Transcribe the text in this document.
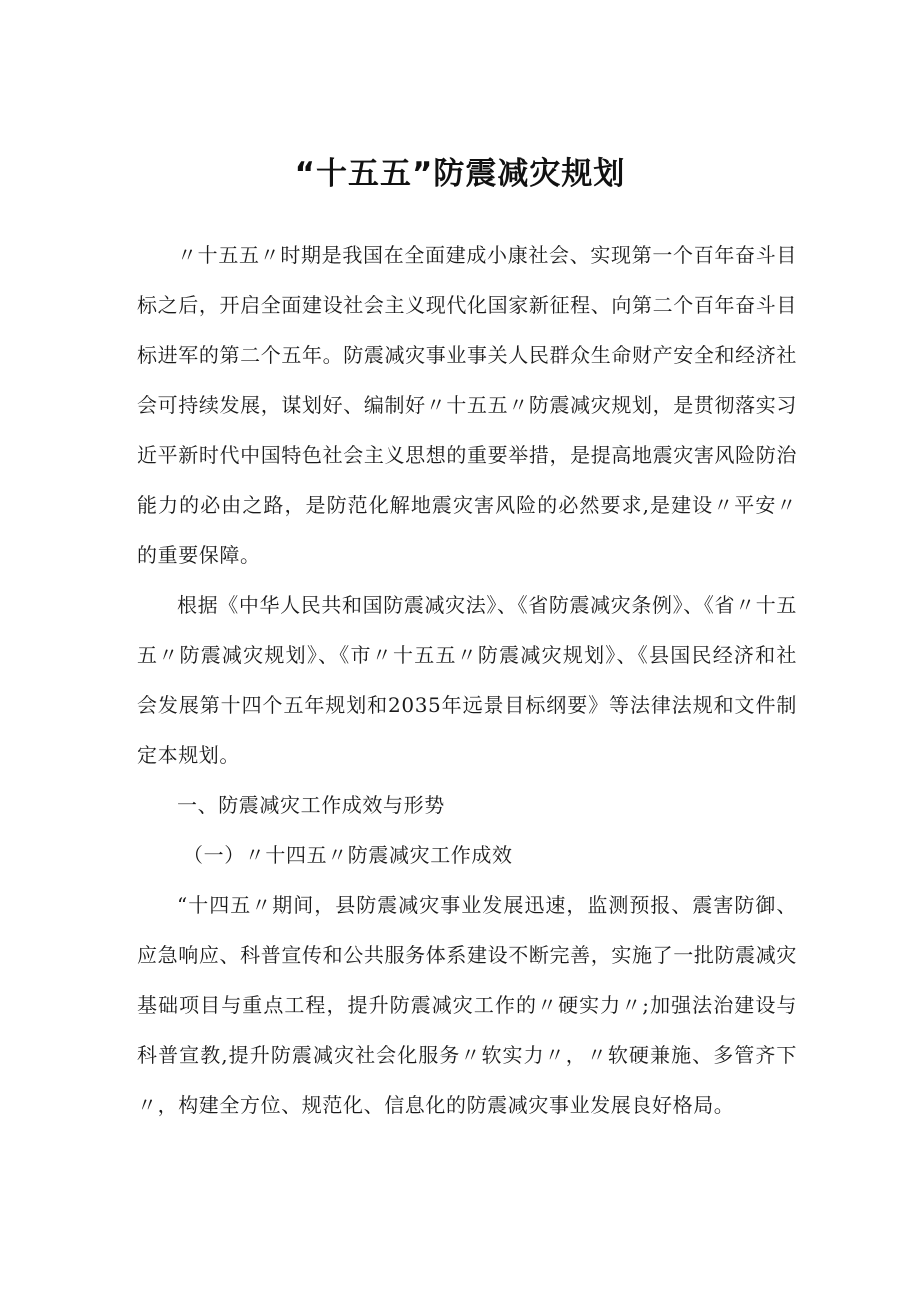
“十五五”防震减灾规划

〃十五五〃时期是我国在全面建成小康社会、实现第一个百年奋斗目标之后，开启全面建设社会主义现代化国家新征程、向第二个百年奋斗目标进军的第二个五年。防震减灾事业事关人民群众生命财产安全和经济社会可持续发展，谋划好、编制好〃十五五〃防震减灾规划，是贯彻落实习近平新时代中国特色社会主义思想的重要举措，是提高地震灾害风险防治能力的必由之路，是防范化解地震灾害风险的必然要求,是建设〃平安〃的重要保障。

根据《中华人民共和国防震减灾法》、《省防震减灾条例》、《省〃十五五〃防震减灾规划》、《市〃十五五〃防震减灾规划》、《县国民经济和社会发展第十四个五年规划和2035年远景目标纲要》等法律法规和文件制定本规划。

一、防震减灾工作成效与形势

（一）〃十四五〃防震减灾工作成效

“十四五〃期间，县防震减灾事业发展迅速，监测预报、震害防御、应急响应、科普宣传和公共服务体系建设不断完善，实施了一批防震减灾基础项目与重点工程，提升防震减灾工作的〃硬实力〃;加强法治建设与科普宣教,提升防震减灾社会化服务〃软实力〃，〃软硬兼施、多管齐下〃，构建全方位、规范化、信息化的防震减灾事业发展良好格局。
